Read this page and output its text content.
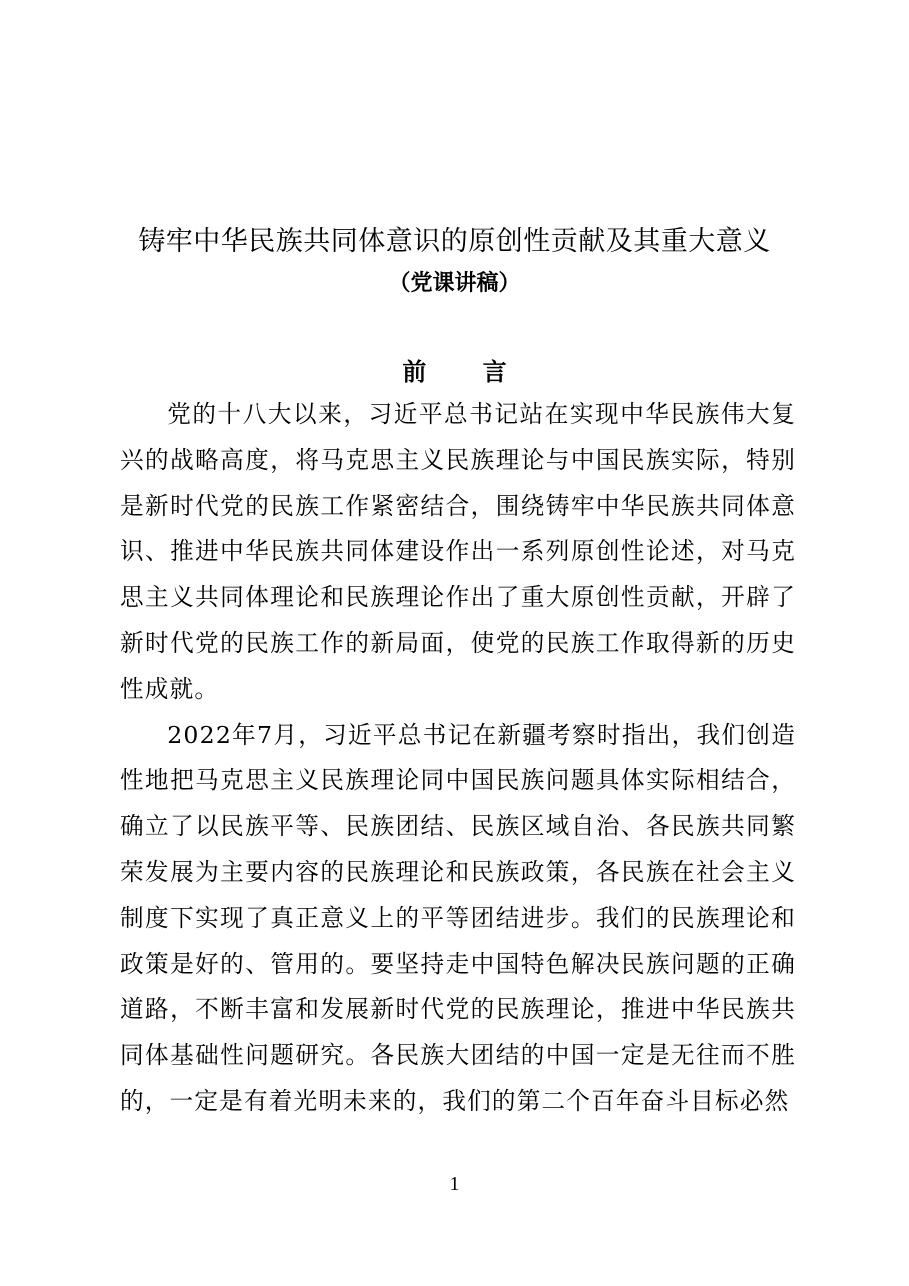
铸牢中华民族共同体意识的原创性贡献及其重大意义
（党课讲稿）
前 言

党的十八大以来，习近平总书记站在实现中华民族伟大复兴的战略高度，将马克思主义民族理论与中国民族实际，特别是新时代党的民族工作紧密结合，围绕铸牢中华民族共同体意识、推进中华民族共同体建设作出一系列原创性论述，对马克思主义共同体理论和民族理论作出了重大原创性贡献，开辟了新时代党的民族工作的新局面，使党的民族工作取得新的历史性成就。

2022年7月，习近平总书记在新疆考察时指出，我们创造性地把马克思主义民族理论同中国民族问题具体实际相结合，确立了以民族平等、民族团结、民族区域自治、各民族共同繁荣发展为主要内容的民族理论和民族政策，各民族在社会主义制度下实现了真正意义上的平等团结进步。我们的民族理论和政策是好的、管用的。要坚持走中国特色解决民族问题的正确道路，不断丰富和发展新时代党的民族理论，推进中华民族共同体基础性问题研究。各民族大团结的中国一定是无往而不胜的，一定是有着光明未来的，我们的第二个百年奋斗目标必然

1
